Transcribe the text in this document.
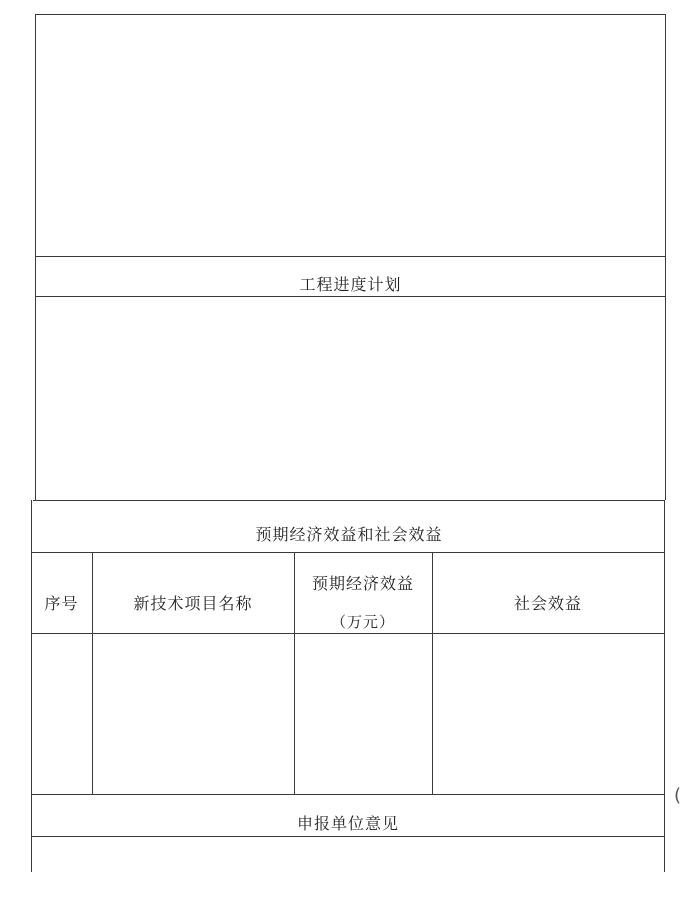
工程进度计划
预期经济效益和社会效益
序号	新技术项目名称
预期经济效益
（万元）
社会效益
申报单位意见
(
